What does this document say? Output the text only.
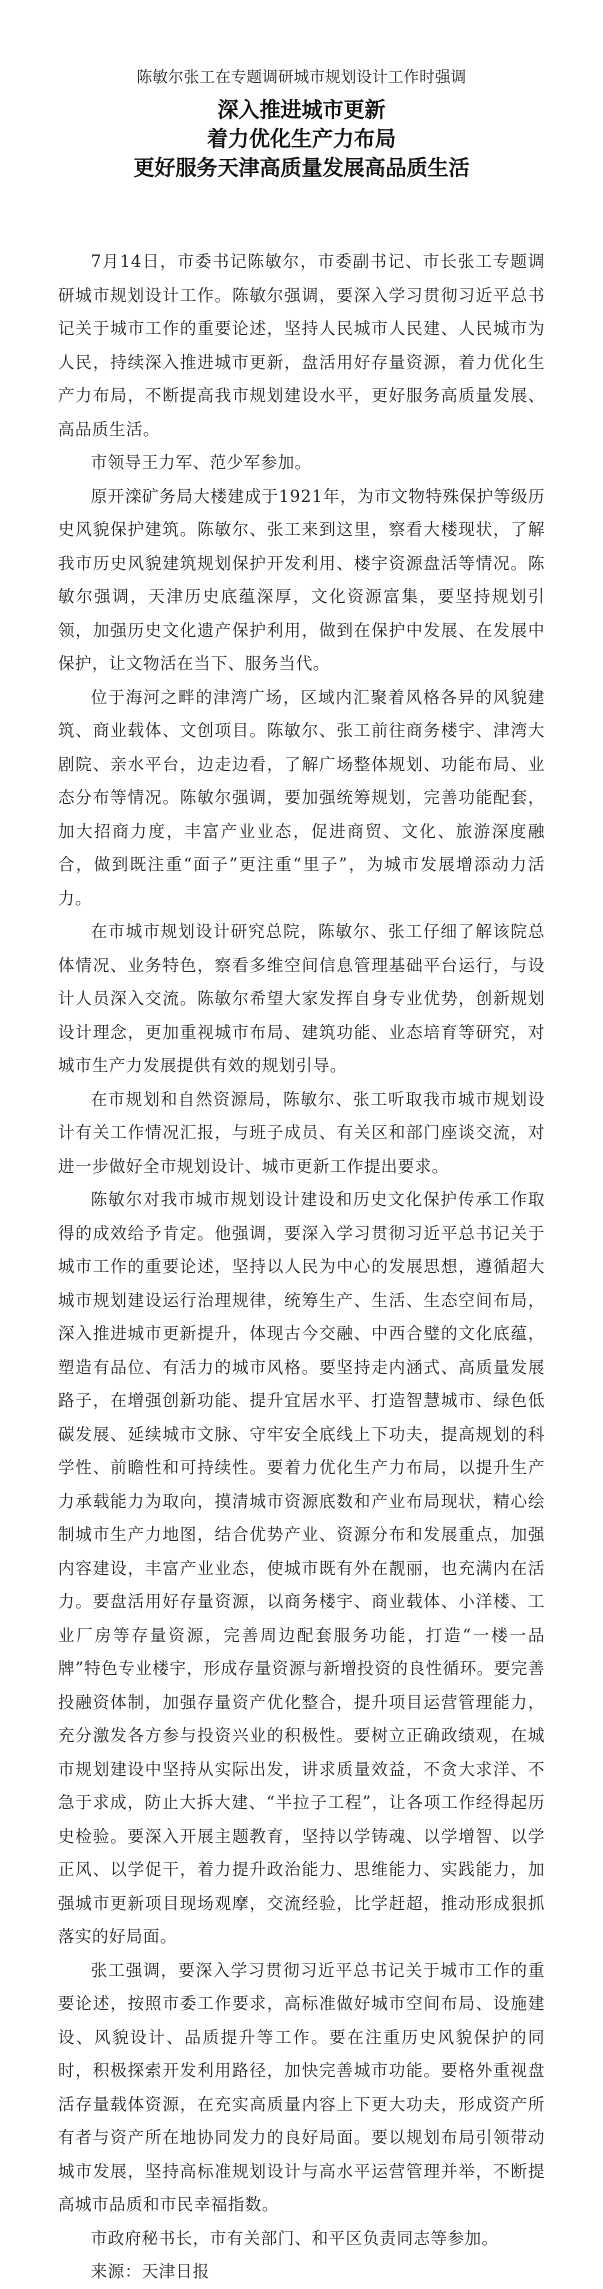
陈敏尔张工在专题调研城市规划设计工作时强调

深入推进城市更新

着力优化生产力布局

更好服务天津高质量发展高品质生活

7月14日，市委书记陈敏尔，市委副书记、市长张工专题调研城市规划设计工作。陈敏尔强调，要深入学习贯彻习近平总书记关于城市工作的重要论述，坚持人民城市人民建、人民城市为人民，持续深入推进城市更新，盘活用好存量资源，着力优化生产力布局，不断提高我市规划建设水平，更好服务高质量发展、高品质生活。

市领导王力军、范少军参加。

原开滦矿务局大楼建成于1921年，为市文物特殊保护等级历史风貌保护建筑。陈敏尔、张工来到这里，察看大楼现状，了解我市历史风貌建筑规划保护开发利用、楼宇资源盘活等情况。陈敏尔强调，天津历史底蕴深厚，文化资源富集，要坚持规划引领，加强历史文化遗产保护利用，做到在保护中发展、在发展中保护，让文物活在当下、服务当代。

位于海河之畔的津湾广场，区域内汇聚着风格各异的风貌建筑、商业载体、文创项目。陈敏尔、张工前往商务楼宇、津湾大剧院、亲水平台，边走边看，了解广场整体规划、功能布局、业态分布等情况。陈敏尔强调，要加强统筹规划，完善功能配套，加大招商力度，丰富产业业态，促进商贸、文化、旅游深度融合，做到既注重“面子”更注重“里子”，为城市发展增添动力活力。

在市城市规划设计研究总院，陈敏尔、张工仔细了解该院总体情况、业务特色，察看多维空间信息管理基础平台运行，与设计人员深入交流。陈敏尔希望大家发挥自身专业优势，创新规划设计理念，更加重视城市布局、建筑功能、业态培育等研究，对城市生产力发展提供有效的规划引导。

在市规划和自然资源局，陈敏尔、张工听取我市城市规划设计有关工作情况汇报，与班子成员、有关区和部门座谈交流，对进一步做好全市规划设计、城市更新工作提出要求。

陈敏尔对我市城市规划设计建设和历史文化保护传承工作取得的成效给予肯定。他强调，要深入学习贯彻习近平总书记关于城市工作的重要论述，坚持以人民为中心的发展思想，遵循超大城市规划建设运行治理规律，统筹生产、生活、生态空间布局，深入推进城市更新提升，体现古今交融、中西合璧的文化底蕴，塑造有品位、有活力的城市风格。要坚持走内涵式、高质量发展路子，在增强创新功能、提升宜居水平、打造智慧城市、绿色低碳发展、延续城市文脉、守牢安全底线上下功夫，提高规划的科学性、前瞻性和可持续性。要着力优化生产力布局，以提升生产力承载能力为取向，摸清城市资源底数和产业布局现状，精心绘制城市生产力地图，结合优势产业、资源分布和发展重点，加强内容建设，丰富产业业态，使城市既有外在靓丽，也充满内在活力。要盘活用好存量资源，以商务楼宇、商业载体、小洋楼、工业厂房等存量资源，完善周边配套服务功能，打造“一楼一品牌”特色专业楼宇，形成存量资源与新增投资的良性循环。要完善投融资体制，加强存量资产优化整合，提升项目运营管理能力，充分激发各方参与投资兴业的积极性。要树立正确政绩观，在城市规划建设中坚持从实际出发，讲求质量效益，不贪大求洋、不急于求成，防止大拆大建、“半拉子工程”，让各项工作经得起历史检验。要深入开展主题教育，坚持以学铸魂、以学增智、以学正风、以学促干，着力提升政治能力、思维能力、实践能力，加强城市更新项目现场观摩，交流经验，比学赶超，推动形成狠抓落实的好局面。

张工强调，要深入学习贯彻习近平总书记关于城市工作的重要论述，按照市委工作要求，高标准做好城市空间布局、设施建设、风貌设计、品质提升等工作。要在注重历史风貌保护的同时，积极探索开发利用路径，加快完善城市功能。要格外重视盘活存量载体资源，在充实高质量内容上下更大功夫，形成资产所有者与资产所在地协同发力的良好局面。要以规划布局引领带动城市发展，坚持高标准规划设计与高水平运营管理并举，不断提高城市品质和市民幸福指数。

市政府秘书长，市有关部门、和平区负责同志等参加。

来源：天津日报
